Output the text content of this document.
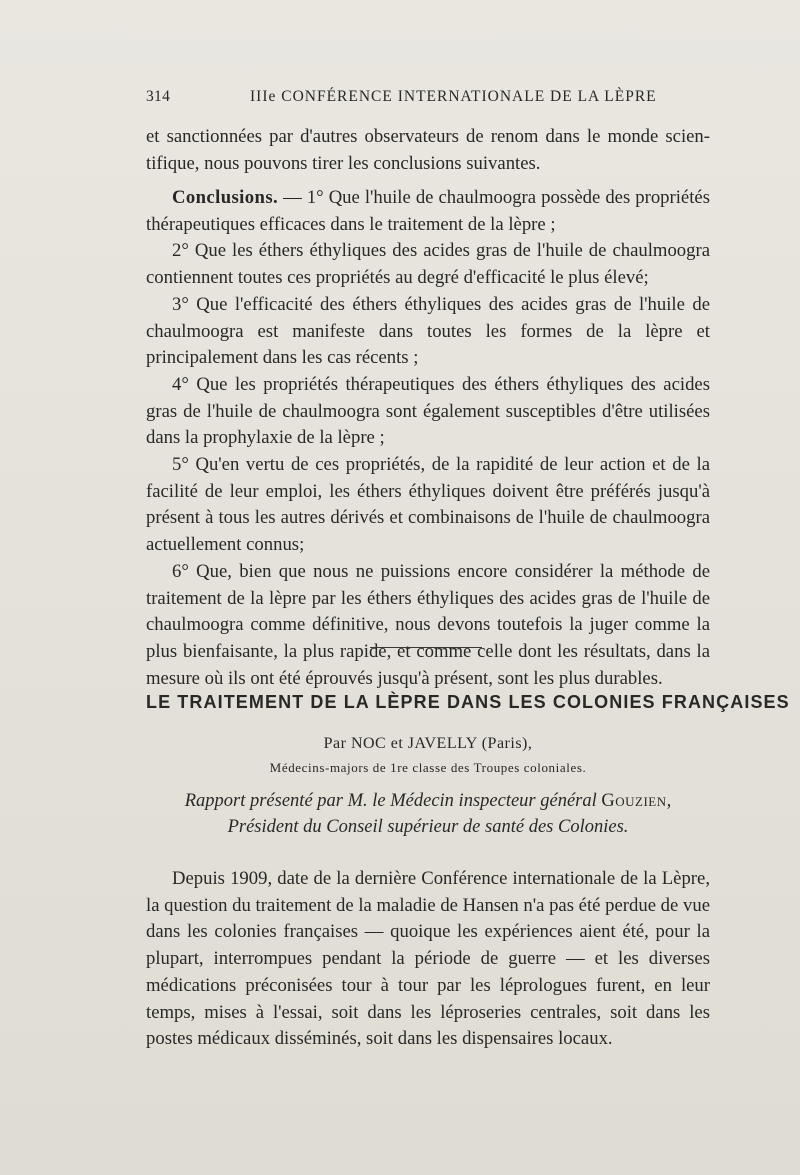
314	IIIe CONFÉRENCE INTERNATIONALE DE LA LÈPRE

et sanctionnées par d'autres observateurs de renom dans le monde scien-

tifique, nous pouvons tirer les conclusions suivantes.

Conclusions. — 1° Que l'huile de chaulmoogra possède des propriétés thérapeutiques efficaces dans le traitement de la lèpre ;

2° Que les éthers éthyliques des acides gras de l'huile de chaulmoogra contiennent toutes ces propriétés au degré d'efficacité le plus élevé;

3° Que l'efficacité des éthers éthyliques des acides gras de l'huile de chaulmoogra est manifeste dans toutes les formes de la lèpre et principalement dans les cas récents ;

4° Que les propriétés thérapeutiques des éthers éthyliques des acides gras de l'huile de chaulmoogra sont également susceptibles d'être utilisées dans la prophylaxie de la lèpre ;

5° Qu'en vertu de ces propriétés, de la rapidité de leur action et de la facilité de leur emploi, les éthers éthyliques doivent être préférés jusqu'à présent à tous les autres dérivés et combinaisons de l'huile de chaulmoogra actuellement connus;

6° Que, bien que nous ne puissions encore considérer la méthode de traitement de la lèpre par les éthers éthyliques des acides gras de l'huile de chaulmoogra comme définitive, nous devons toutefois la juger comme la plus bienfaisante, la plus rapide, et comme celle dont les résultats, dans la mesure où ils ont été éprouvés jusqu'à présent, sont les plus durables.

LE TRAITEMENT DE LA LÈPRE DANS LES COLONIES FRANÇAISES
Par NOC et JAVELLY (Paris),
Médecins-majors de 1re classe des Troupes coloniales.
Rapport présenté par M. le Médecin inspecteur général Gouzien,
Président du Conseil supérieur de santé des Colonies.

Depuis 1909, date de la dernière Conférence internationale de la Lèpre, la question du traitement de la maladie de Hansen n'a pas été perdue de vue dans les colonies françaises — quoique les expériences aient été, pour la plupart, interrompues pendant la période de guerre — et les diverses médications préconisées tour à tour par les léprologues furent, en leur temps, mises à l'essai, soit dans les léproseries centrales, soit dans les postes médicaux disséminés, soit dans les dispensaires locaux.
